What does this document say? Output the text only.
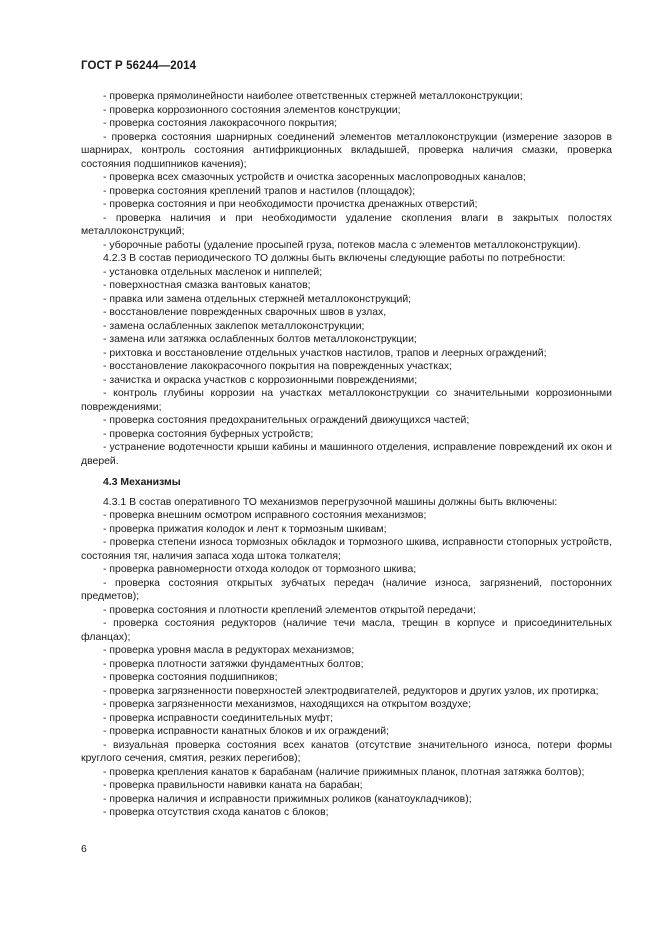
ГОСТ Р 56244—2014
- проверка прямолинейности наиболее ответственных стержней металлоконструкции;
- проверка коррозионного состояния элементов конструкции;
- проверка состояния лакокрасочного покрытия;
- проверка состояния шарнирных соединений элементов металлоконструкции (измерение зазоров в шарнирах, контроль состояния антифрикционных вкладышей, проверка наличия смазки, проверка состояния подшипников качения);
- проверка всех смазочных устройств и очистка засоренных маслопроводных каналов;
- проверка состояния креплений трапов и настилов (площадок);
- проверка состояния и при необходимости прочистка дренажных отверстий;
- проверка наличия и при необходимости удаление скопления влаги в закрытых полостях металлоконструкций;
- уборочные работы (удаление просыпей груза, потеков масла с элементов металлоконструкции).
4.2.3 В состав периодического ТО должны быть включены следующие работы по потребности:
- установка отдельных масленок и ниппелей;
- поверхностная смазка вантовых канатов;
- правка или замена отдельных стержней металлоконструкций;
- восстановление поврежденных сварочных швов в узлах,
- замена ослабленных заклепок металлоконструкции;
- замена или затяжка ослабленных болтов металлоконструкции;
- рихтовка и восстановление отдельных участков настилов, трапов и леерных ограждений;
- восстановление лакокрасочного покрытия на поврежденных участках;
- зачистка и окраска участков с коррозионными повреждениями;
- контроль глубины коррозии на участках металлоконструкции со значительными коррозионными повреждениями;
- проверка состояния предохранительных ограждений движущихся частей;
- проверка состояния буферных устройств;
- устранение водотечности крыши кабины и машинного отделения, исправление повреждений их окон и дверей.
4.3 Механизмы
4.3.1 В состав оперативного ТО механизмов перегрузочной машины должны быть включены:
- проверка внешним осмотром исправного состояния механизмов;
- проверка прижатия колодок и лент к тормозным шкивам;
- проверка степени износа тормозных обкладок и тормозного шкива, исправности стопорных устройств, состояния тяг, наличия запаса хода штока толкателя;
- проверка равномерности отхода колодок от тормозного шкива;
- проверка состояния открытых зубчатых передач (наличие износа, загрязнений, посторонних предметов);
- проверка состояния и плотности креплений элементов открытой передачи;
- проверка состояния редукторов (наличие течи масла, трещин в корпусе и присоединительных фланцах);
- проверка уровня масла в редукторах механизмов;
- проверка плотности затяжки фундаментных болтов;
- проверка состояния подшипников;
- проверка загрязненности поверхностей электродвигателей, редукторов и других узлов, их протирка;
- проверка загрязненности механизмов, находящихся на открытом воздухе;
- проверка исправности соединительных муфт;
- проверка исправности канатных блоков и их ограждений;
- визуальная проверка состояния всех канатов (отсутствие значительного износа, потери формы круглого сечения, смятия, резких перегибов);
- проверка крепления канатов к барабанам (наличие прижимных планок, плотная затяжка болтов);
- проверка правильности навивки каната на барабан;
- проверка наличия и исправности прижимных роликов (канатоукладчиков);
- проверка отсутствия схода канатов с блоков;
6
